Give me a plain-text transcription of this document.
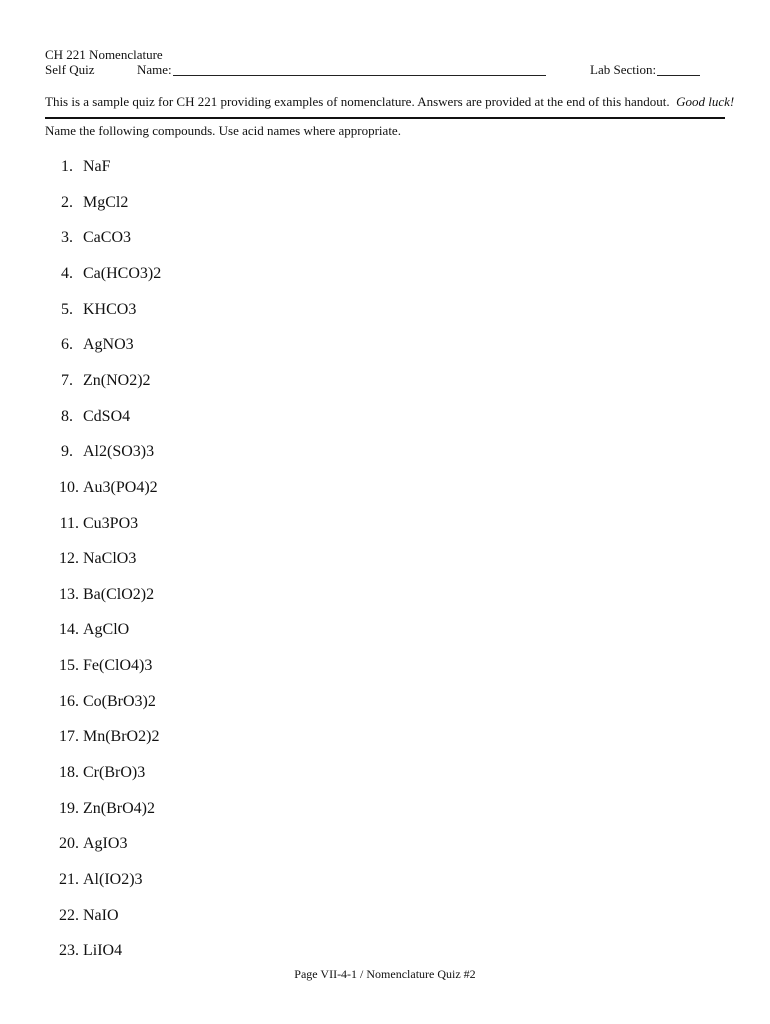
CH 221 Nomenclature
Self Quiz	Name:	Lab Section:
This is a sample quiz for CH 221 providing examples of nomenclature. Answers are provided at the end of this handout. Good luck!
Name the following compounds. Use acid names where appropriate.
1. NaF
2. MgCl2
3. CaCO3
4. Ca(HCO3)2
5. KHCO3
6. AgNO3
7. Zn(NO2)2
8. CdSO4
9. Al2(SO3)3
10. Au3(PO4)2
11. Cu3PO3
12. NaClO3
13. Ba(ClO2)2
14. AgClO
15. Fe(ClO4)3
16. Co(BrO3)2
17. Mn(BrO2)2
18. Cr(BrO)3
19. Zn(BrO4)2
20. AgIO3
21. Al(IO2)3
22. NaIO
23. LiIO4
Page VII-4-1 / Nomenclature Quiz #2
